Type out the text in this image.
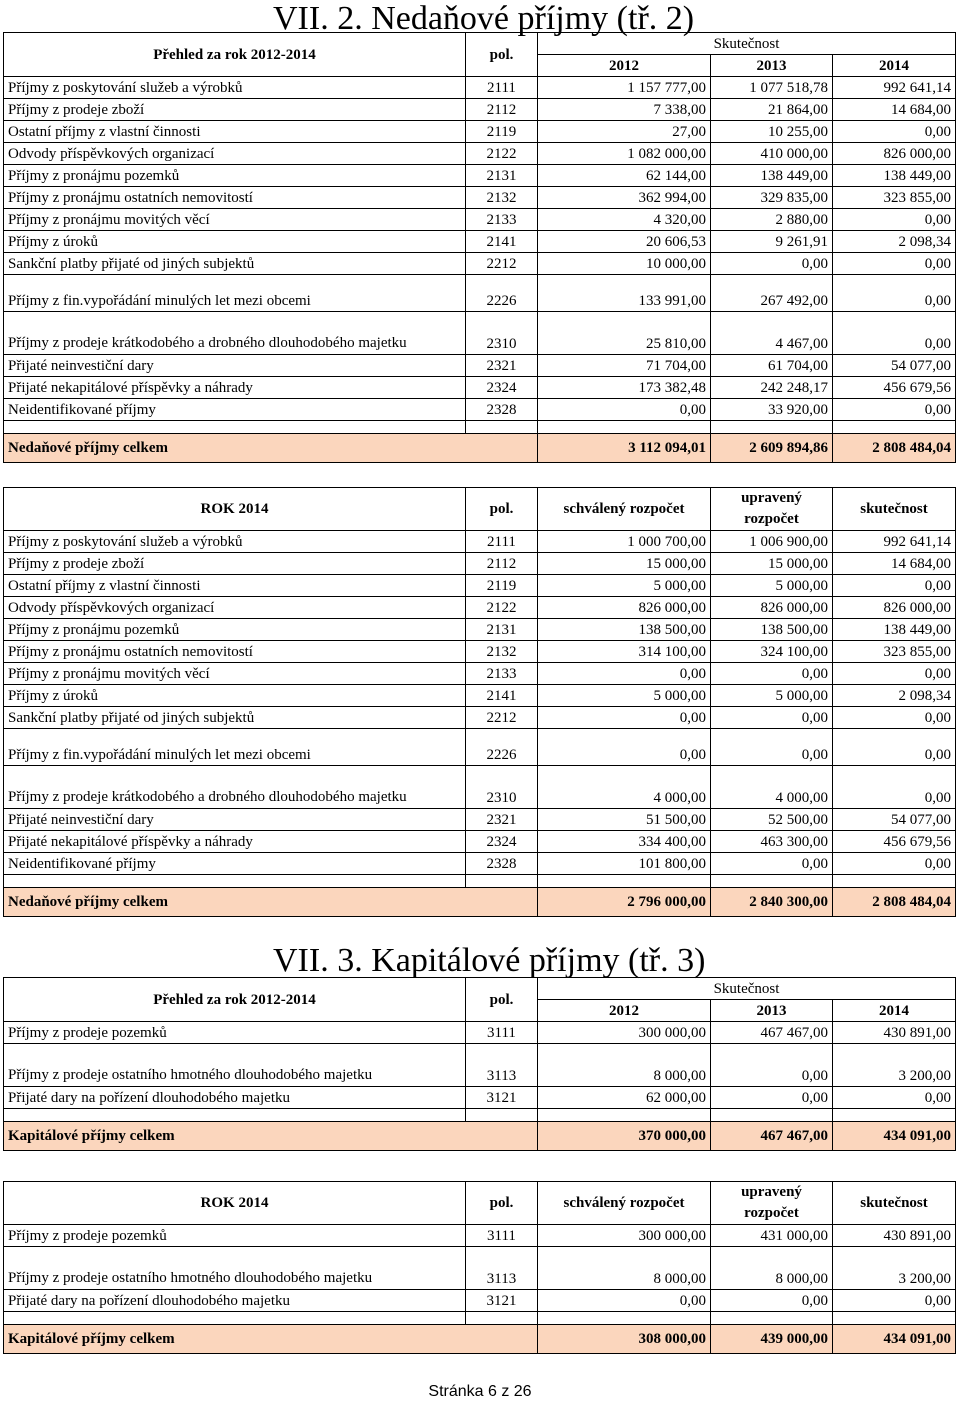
VII. 2. Nedaňové příjmy (tř. 2)
Přehled za rok 2012-2014	pol.	Skutečnost		
		2012	2013	2014
Příjmy z poskytování služeb a výrobků	2111	1 157 777,00	1 077 518,78	992 641,14
Příjmy z prodeje zboží	2112	7 338,00	21 864,00	14 684,00
Ostatní příjmy z vlastní činnosti	2119	27,00	10 255,00	0,00
Odvody příspěvkových organizací	2122	1 082 000,00	410 000,00	826 000,00
Příjmy z pronájmu pozemků	2131	62 144,00	138 449,00	138 449,00
Příjmy z pronájmu ostatních nemovitostí	2132	362 994,00	329 835,00	323 855,00
Příjmy z pronájmu movitých věcí	2133	4 320,00	2 880,00	0,00
Příjmy z úroků	2141	20 606,53	9 261,91	2 098,34
Sankční platby přijaté od jiných subjektů	2212	10 000,00	0,00	0,00
Příjmy z fin.vypořádání minulých let mezi obcemi	2226	133 991,00	267 492,00	0,00
Příjmy z prodeje krátkodobého a drobného dlouhodobého majetku	2310	25 810,00	4 467,00	0,00
Přijaté neinvestiční dary	2321	71 704,00	61 704,00	54 077,00
Přijaté nekapitálové příspěvky a náhrady	2324	173 382,48	242 248,17	456 679,56
Neidentifikované příjmy	2328	0,00	33 920,00	0,00

Nedaňové příjmy celkem		3 112 094,01	2 609 894,86	2 808 484,04
ROK 2014	pol.	schválený rozpočet	upravený rozpočet	skutečnost
Příjmy z poskytování služeb a výrobků	2111	1 000 700,00	1 006 900,00	992 641,14
Příjmy z prodeje zboží	2112	15 000,00	15 000,00	14 684,00
Ostatní příjmy z vlastní činnosti	2119	5 000,00	5 000,00	0,00
Odvody příspěvkových organizací	2122	826 000,00	826 000,00	826 000,00
Příjmy z pronájmu pozemků	2131	138 500,00	138 500,00	138 449,00
Příjmy z pronájmu ostatních nemovitostí	2132	314 100,00	324 100,00	323 855,00
Příjmy z pronájmu movitých věcí	2133	0,00	0,00	0,00
Příjmy z úroků	2141	5 000,00	5 000,00	2 098,34
Sankční platby přijaté od jiných subjektů	2212	0,00	0,00	0,00
Příjmy z fin.vypořádání minulých let mezi obcemi	2226	0,00	0,00	0,00
Příjmy z prodeje krátkodobého a drobného dlouhodobého majetku	2310	4 000,00	4 000,00	0,00
Přijaté neinvestiční dary	2321	51 500,00	52 500,00	54 077,00
Přijaté nekapitálové příspěvky a náhrady	2324	334 400,00	463 300,00	456 679,56
Neidentifikované příjmy	2328	101 800,00	0,00	0,00

Nedaňové příjmy celkem		2 796 000,00	2 840 300,00	2 808 484,04
VII. 3. Kapitálové příjmy (tř. 3)
Přehled za rok 2012-2014	pol.	Skutečnost		
		2012	2013	2014
Příjmy z prodeje pozemků	3111	300 000,00	467 467,00	430 891,00
Příjmy z prodeje ostatního hmotného dlouhodobého majetku	3113	8 000,00	0,00	3 200,00
Přijaté dary na pořízení dlouhodobého majetku	3121	62 000,00	0,00	0,00

Kapitálové příjmy celkem		370 000,00	467 467,00	434 091,00
ROK 2014	pol.	schválený rozpočet	upravený rozpočet	skutečnost
Příjmy z prodeje pozemků	3111	300 000,00	431 000,00	430 891,00
Příjmy z prodeje ostatního hmotného dlouhodobého majetku	3113	8 000,00	8 000,00	3 200,00
Přijaté dary na pořízení dlouhodobého majetku	3121	0,00	0,00	0,00

Kapitálové příjmy celkem		308 000,00	439 000,00	434 091,00
Stránka 6 z 26
